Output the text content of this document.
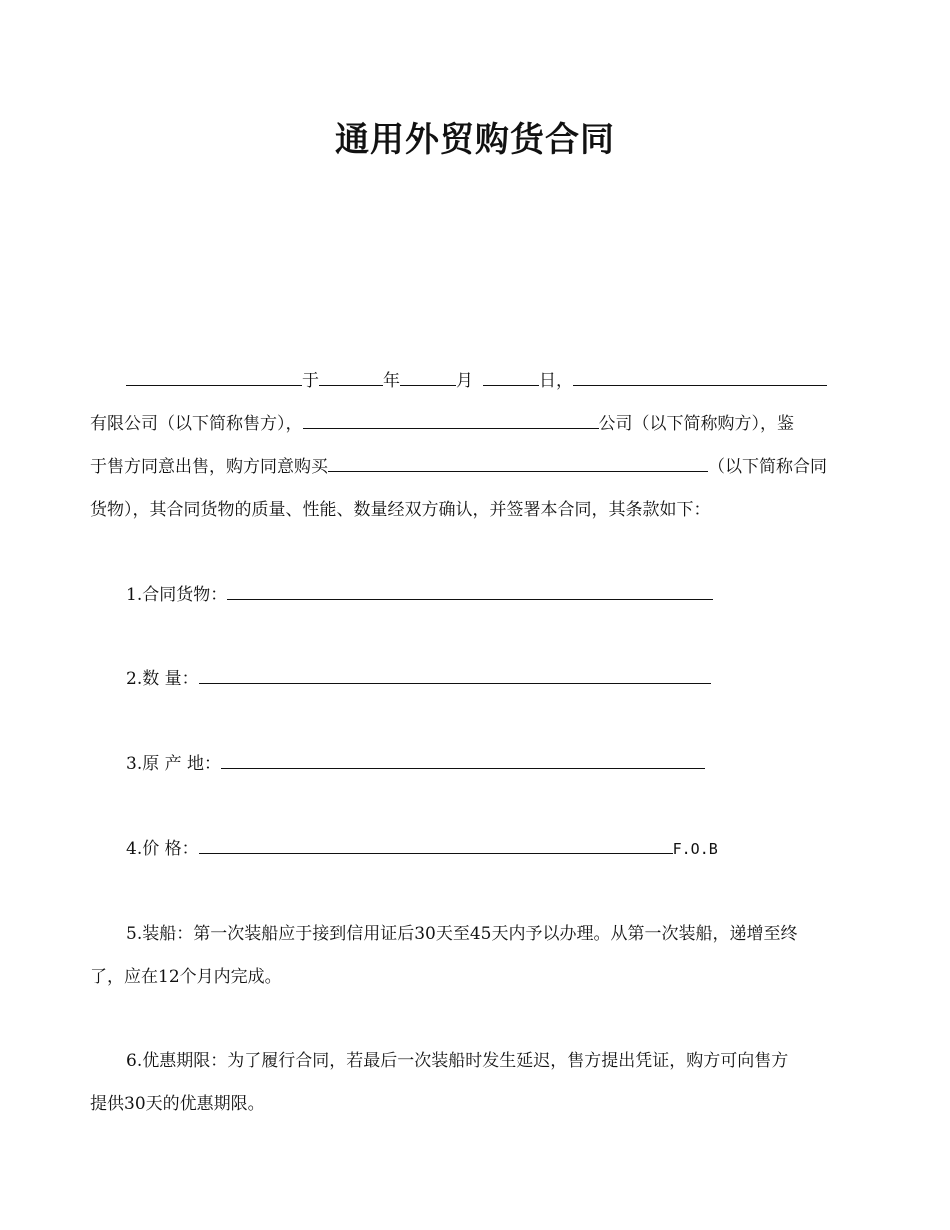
通用外贸购货合同
于	年	月	日，
有限公司（以下简称售方），	公司（以下简称购方），鉴
于售方同意出售，购方同意购买	（以下简称合同
货物），其合同货物的质量、性能、数量经双方确认，并签署本合同，其条款如下：
1.合同货物：
2.数 量：
3.原 产 地：
4.价 格：	F.O.B
5.装船：第一次装船应于接到信用证后30天至45天内予以办理。从第一次装船，递增至终
了，应在12个月内完成。
6.优惠期限：为了履行合同，若最后一次装船时发生延迟，售方提出凭证，购方可向售方
提供30天的优惠期限。
